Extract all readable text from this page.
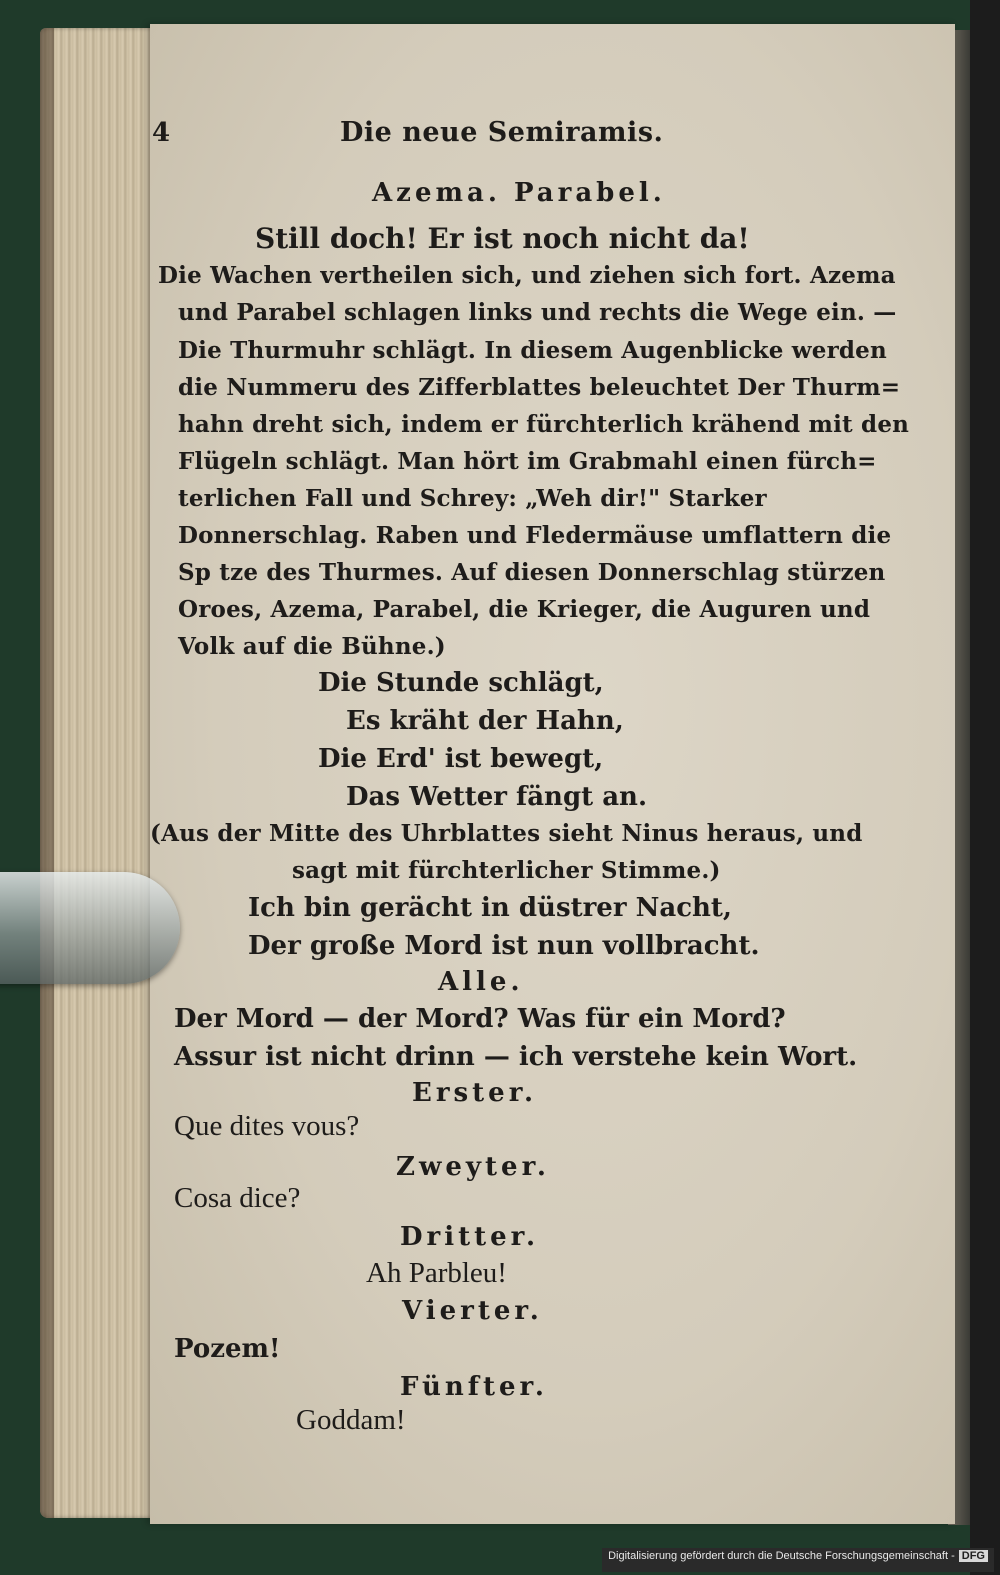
4	Die neue Semiramis.
Azema. Parabel.
Still doch! Er ist noch nicht da!
Die Wachen vertheilen sich, und ziehen sich fort. Azema
und Parabel schlagen links und rechts die Wege ein. —
Die Thurmuhr schlägt. In diesem Augenblicke werden
die Nummeru des Zifferblattes beleuchtet Der Thurm=
hahn dreht sich, indem er fürchterlich krähend mit den
Flügeln schlägt. Man hört im Grabmahl einen fürch=
terlichen Fall und Schrey: „Weh dir!" Starker
Donnerschlag. Raben und Fledermäuse umflattern die
Sp tze des Thurmes. Auf diesen Donnerschlag stürzen
Oroes, Azema, Parabel, die Krieger, die Auguren und
Volk auf die Bühne.)
Die Stunde schlägt,
Es kräht der Hahn,
Die Erd' ist bewegt,
Das Wetter fängt an.
(Aus der Mitte des Uhrblattes sieht Ninus heraus, und
sagt mit fürchterlicher Stimme.)
Ich bin gerächt in düstrer Nacht,
Der große Mord ist nun vollbracht.
Alle.
Der Mord — der Mord? Was für ein Mord?
Assur ist nicht drinn — ich verstehe kein Wort.
Erster.
Que dites vous?
Zweyter.
Cosa dice?
Dritter.
Ah Parbleu!
Vierter.
Pozem!
Fünfter.
Goddam!
Digitalisierung gefördert durch die Deutsche Forschungsgemeinschaft - DFG
